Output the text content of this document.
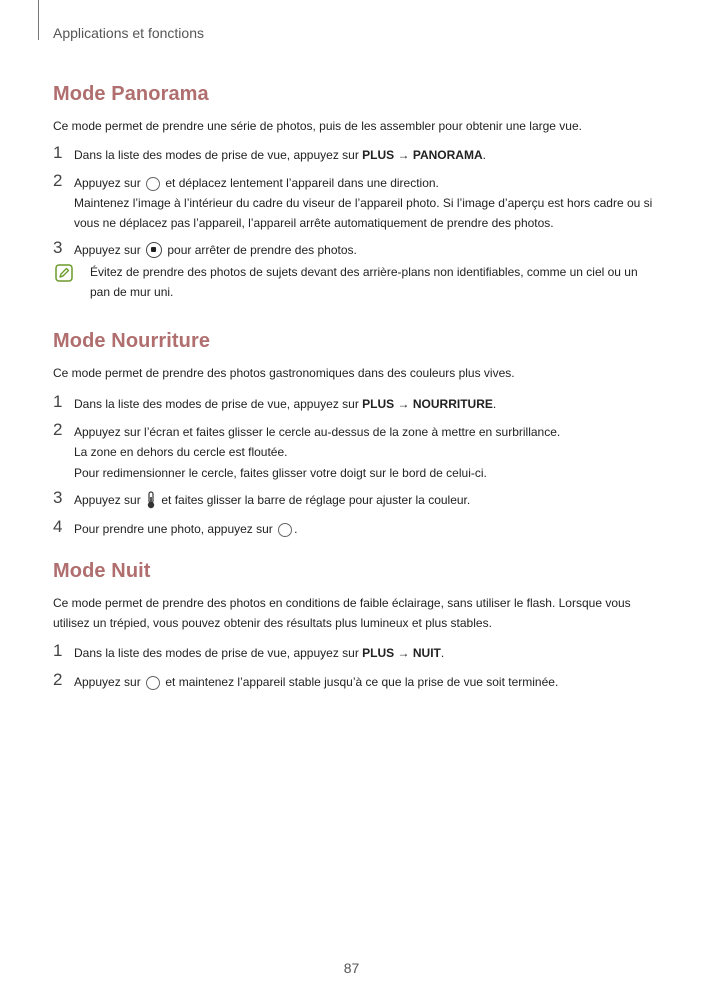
Applications et fonctions
Mode Panorama

Ce mode permet de prendre une série de photos, puis de les assembler pour obtenir une large vue.

1 Dans la liste des modes de prise de vue, appuyez sur PLUS → PANORAMA.

2 Appuyez sur  et déplacez lentement l’appareil dans une direction.

Maintenez l’image à l’intérieur du cadre du viseur de l’appareil photo. Si l’image d’aperçu est hors cadre ou si vous ne déplacez pas l’appareil, l’appareil arrête automatiquement de prendre des photos.

3 Appuyez sur  pour arrêter de prendre des photos.

Évitez de prendre des photos de sujets devant des arrière-plans non identifiables, comme un ciel ou un pan de mur uni.

Mode Nourriture

Ce mode permet de prendre des photos gastronomiques dans des couleurs plus vives.

1 Dans la liste des modes de prise de vue, appuyez sur PLUS → NOURRITURE.

2 Appuyez sur l’écran et faites glisser le cercle au-dessus de la zone à mettre en surbrillance.

La zone en dehors du cercle est floutée.

Pour redimensionner le cercle, faites glisser votre doigt sur le bord de celui-ci.

3 Appuyez sur  et faites glisser la barre de réglage pour ajuster la couleur.

4 Pour prendre une photo, appuyez sur .

Mode Nuit

Ce mode permet de prendre des photos en conditions de faible éclairage, sans utiliser le flash. Lorsque vous utilisez un trépied, vous pouvez obtenir des résultats plus lumineux et plus stables.

1 Dans la liste des modes de prise de vue, appuyez sur PLUS → NUIT.

2 Appuyez sur  et maintenez l’appareil stable jusqu’à ce que la prise de vue soit terminée.

87
